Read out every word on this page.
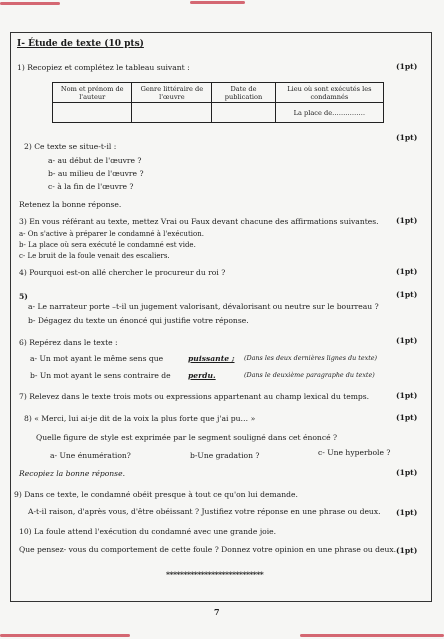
I- Étude de texte (10 pts)
1) Recopiez et complétez le tableau suivant :	(1pt)
Nom et prénom de l'auteur	Genre littéraire de l'œuvre	Date de publication	Lieu où sont exécutés les condamnés
			La place de……………
2) Ce texte se situe-t-il :
(1pt)
a- au début de l'œuvre ?
b- au milieu de l'œuvre ?
c- à la fin de l'œuvre ?
Retenez la bonne réponse.
3) En vous référant au texte, mettez Vrai ou Faux devant chacune des affirmations suivantes. (1pt)
a- On s'active à préparer le condamné à l'exécution.
b- La place où sera exécuté le condamné est vide.
c- Le bruit de la foule venait des escaliers.
4) Pourquoi est-on allé chercher le procureur du roi ?	(1pt)
5)	(1pt)
a- Le narrateur porte –t-il un jugement valorisant, dévalorisant ou neutre sur le bourreau ?
b- Dégagez du texte un énoncé qui justifie votre réponse.
6) Repérez dans le texte :	(1pt)
a- Un mot ayant le même sens que	puissante ; (Dans les deux dernières lignes du texte)
b- Un mot ayant le sens contraire de perdu.	(Dans le deuxième paragraphe du texte)
7) Relevez dans le texte trois mots ou expressions appartenant au champ lexical du temps.	(1pt)
8) « Merci, lui ai-je dit de la voix la plus forte que j'ai pu… »	(1pt)
Quelle figure de style est exprimée par le segment souligné dans cet énoncé ?
a- Une énumération?	b-Une gradation ?	c- Une hyperbole ?
Recopiez la bonne réponse.	(1pt)
9) Dans ce texte, le condamné obéit presque à tout ce qu'on lui demande.
A-t-il raison, d'après vous, d'être obéissant ? Justifiez votre réponse en une phrase ou deux. (1pt)
10) La foule attend l'exécution du condamné avec une grande joie.
Que pensez- vous du comportement de cette foule ? Donnez votre opinion en une phrase ou deux. (1pt)
****************************
7
